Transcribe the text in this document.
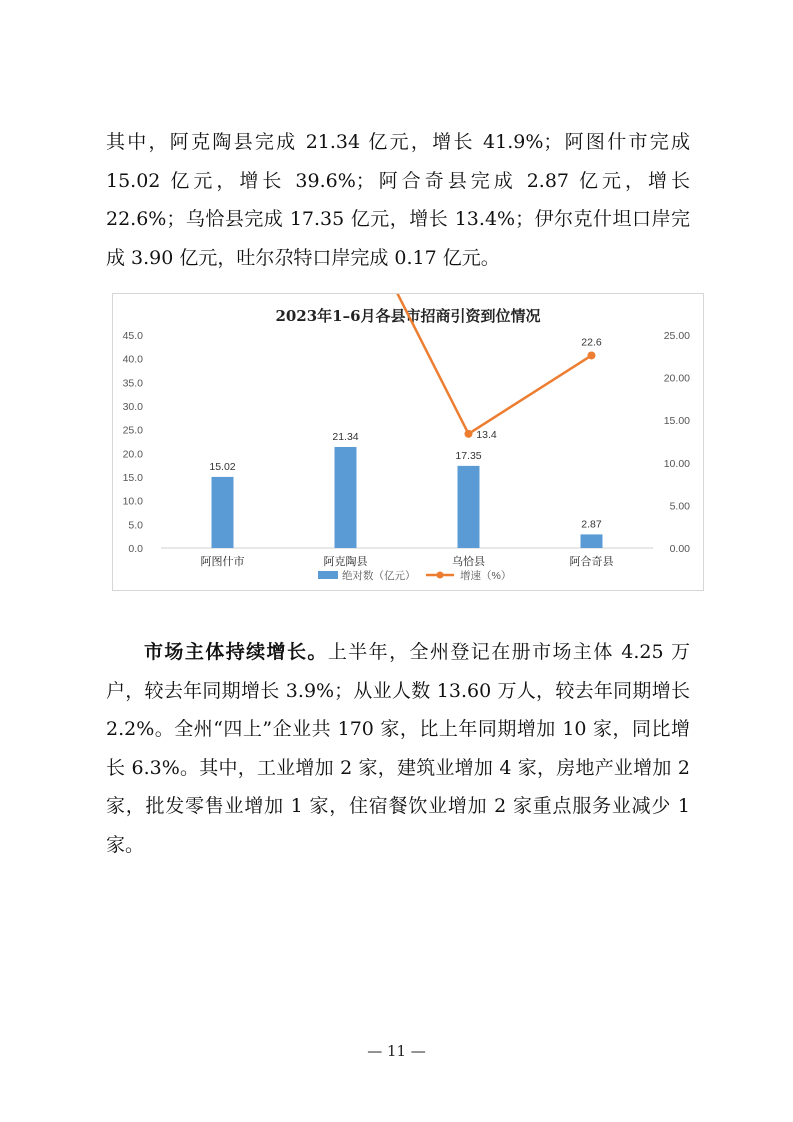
其中，阿克陶县完成 21.34 亿元，增长 41.9%；阿图什市完成 15.02 亿元，增长 39.6%；阿合奇县完成 2.87 亿元，增长 22.6%；乌恰县完成 17.35 亿元，增长 13.4%；伊尔克什坦口岸完成 3.90 亿元，吐尔尕特口岸完成 0.17 亿元。

2023年1–6月各县市招商引资到位情况
0.0
5.0
10.0
15.0
20.0
25.0
30.0
35.0
40.0
45.0
0.00
5.00
10.00
15.00
20.00
25.00
15.02
阿图什市
21.34
阿克陶县
17.35
乌恰县
2.87
阿合奇县
13.4
22.6
绝对数（亿元）	增速（%）

市场主体持续增长。上半年，全州登记在册市场主体 4.25 万户，较去年同期增长 3.9%；从业人数 13.60 万人，较去年同期增长 2.2%。全州“四上”企业共 170 家，比上年同期增加 10 家，同比增长 6.3%。其中，工业增加 2 家，建筑业增加 4 家，房地产业增加 2 家，批发零售业增加 1 家，住宿餐饮业增加 2 家重点服务业减少 1 家。

— 11 —
